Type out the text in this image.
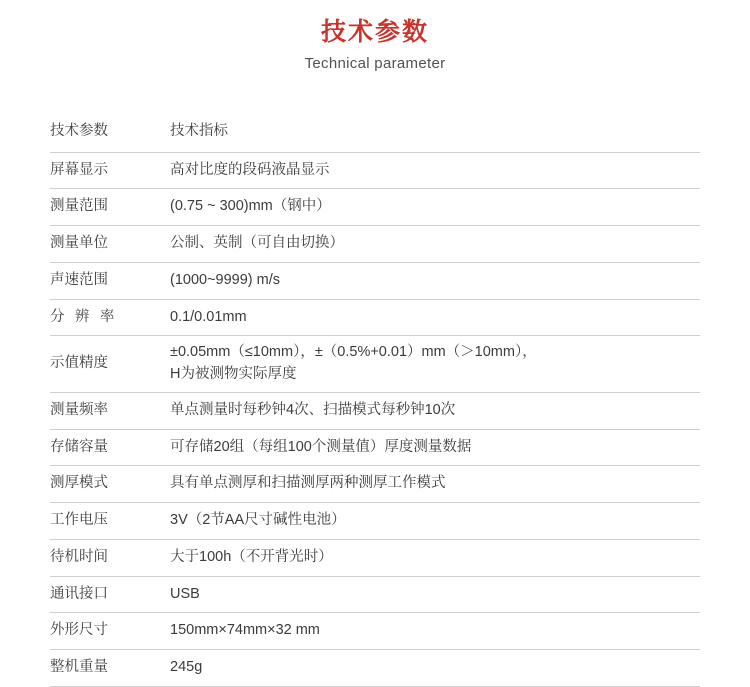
技术参数
Technical parameter
技术参数	技术指标

屏幕显示	高对比度的段码液晶显示

测量范围	(0.75 ~ 300)mm（钢中）

测量单位	公制、英制（可自由切换）

声速范围	(1000~9999) m/s

分 辨 率	0.1/0.01mm

示值精度	±0.05mm（≤10mm），±（0.5%+0.01）mm（＞10mm），
H为被测物实际厚度

测量频率	单点测量时每秒钟4次、扫描模式每秒钟10次

存储容量	可存储20组（每组100个测量值）厚度测量数据

测厚模式	具有单点测厚和扫描测厚两种测厚工作模式

工作电压	3V（2节AA尺寸碱性电池）

待机时间	大于100h（不开背光时）

通讯接口	USB

外形尺寸	150mm×74mm×32 mm

整机重量	245g
